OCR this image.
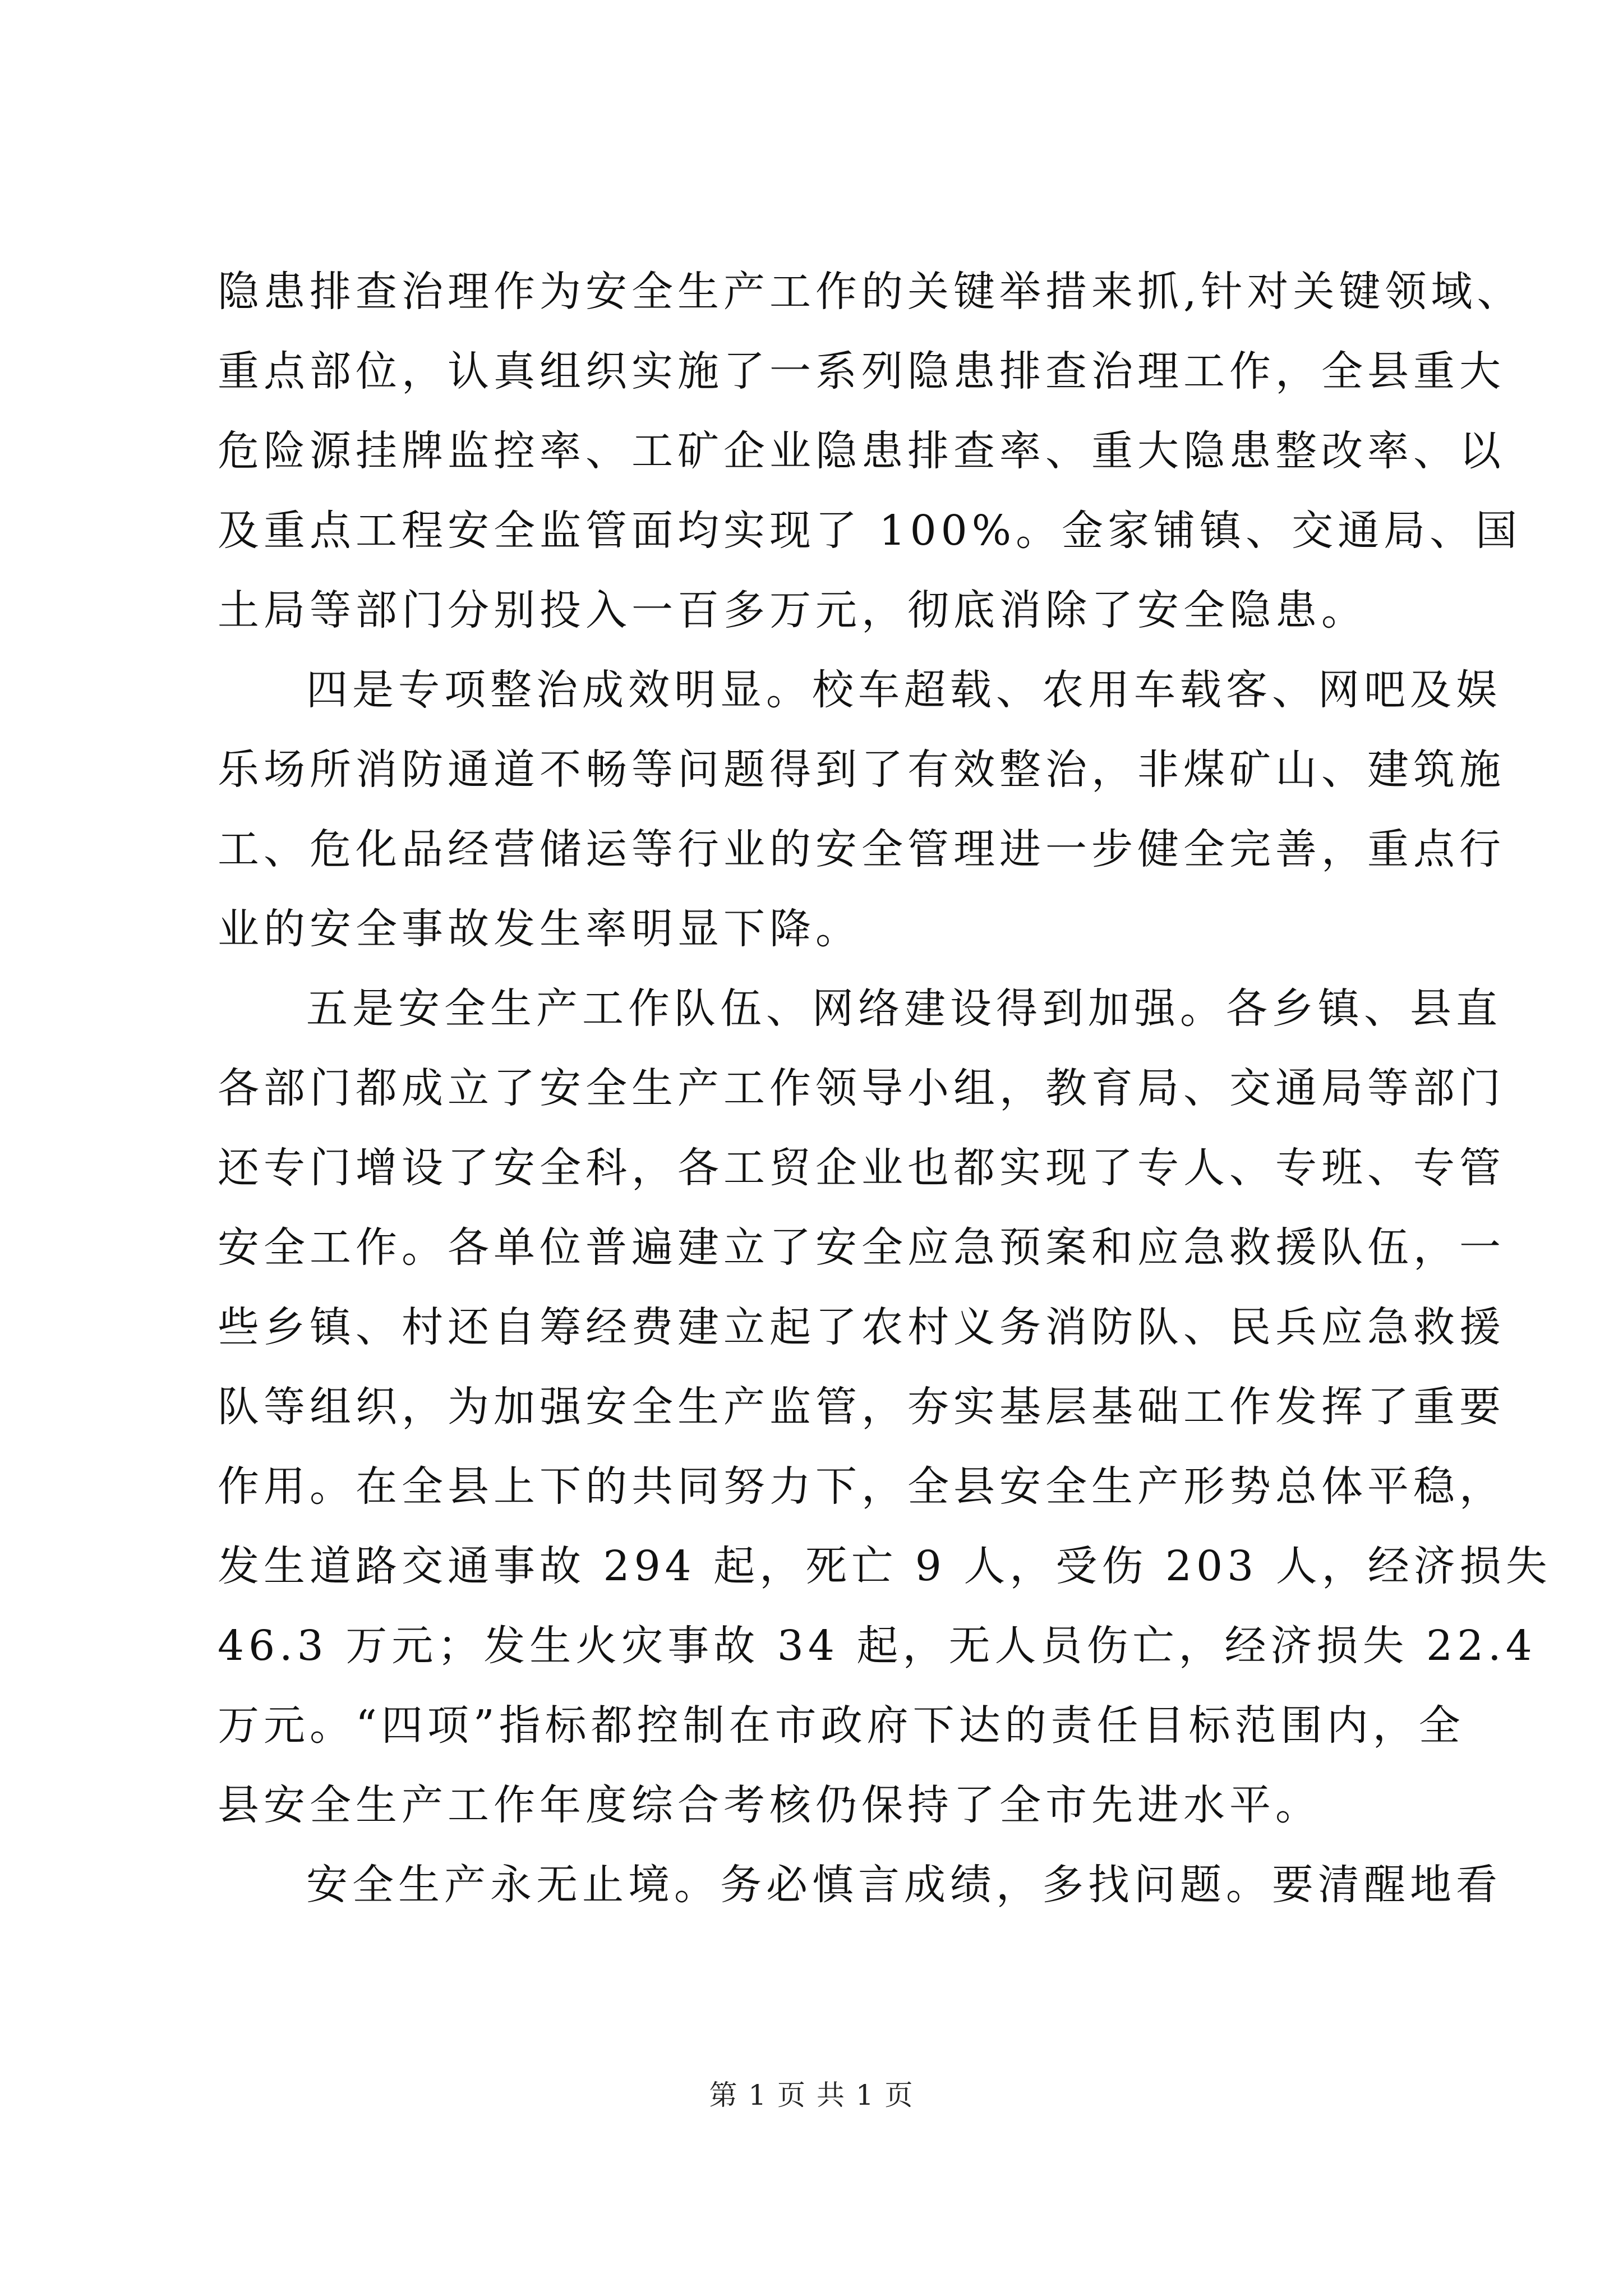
隐患排查治理作为安全生产工作的关键举措来抓,针对关键领域、
重点部位，认真组织实施了一系列隐患排查治理工作，全县重大
危险源挂牌监控率、工矿企业隐患排查率、重大隐患整改率、以
及重点工程安全监管面均实现了 100%。金家铺镇、交通局、国
土局等部门分别投入一百多万元，彻底消除了安全隐患。
四是专项整治成效明显。校车超载、农用车载客、网吧及娱
乐场所消防通道不畅等问题得到了有效整治，非煤矿山、建筑施
工、危化品经营储运等行业的安全管理进一步健全完善，重点行
业的安全事故发生率明显下降。
五是安全生产工作队伍、网络建设得到加强。各乡镇、县直
各部门都成立了安全生产工作领导小组，教育局、交通局等部门
还专门增设了安全科，各工贸企业也都实现了专人、专班、专管
安全工作。各单位普遍建立了安全应急预案和应急救援队伍，一
些乡镇、村还自筹经费建立起了农村义务消防队、民兵应急救援
队等组织，为加强安全生产监管，夯实基层基础工作发挥了重要
作用。在全县上下的共同努力下，全县安全生产形势总体平稳，
发生道路交通事故 294 起，死亡 9 人，受伤 203 人，经济损失
46.3 万元；发生火灾事故 34 起，无人员伤亡，经济损失 22.4
万元。“四项”指标都控制在市政府下达的责任目标范围内，全
县安全生产工作年度综合考核仍保持了全市先进水平。
安全生产永无止境。务必慎言成绩，多找问题。要清醒地看
第 1 页 共 1 页
